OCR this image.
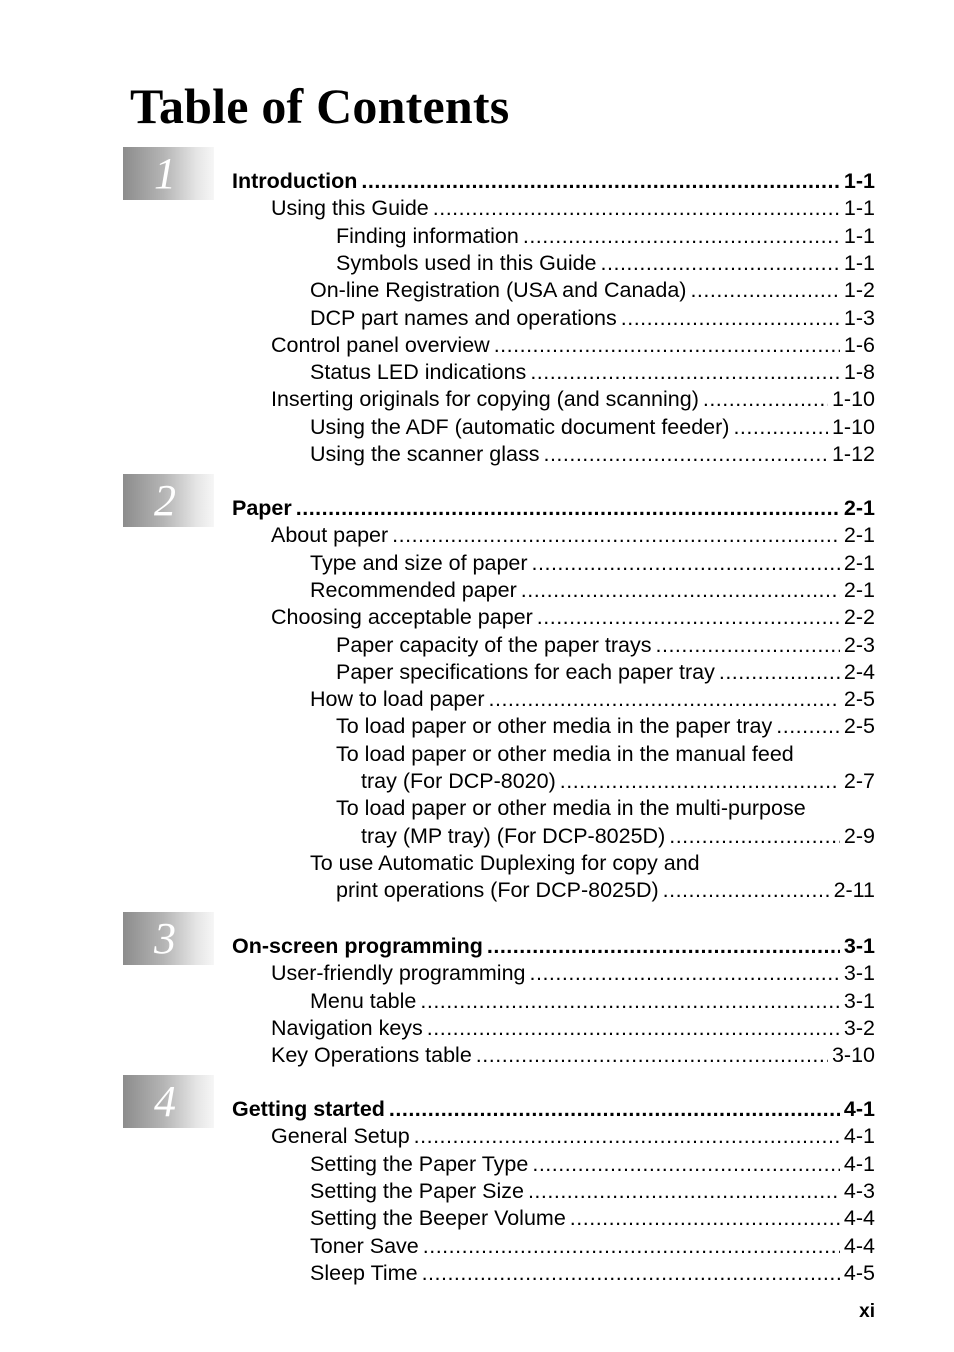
Table of Contents
1	Introduction .....	1-1
Using this Guide .....	1-1
Finding information .....	1-1
Symbols used in this Guide .....	1-1
On-line Registration (USA and Canada) .....	1-2
DCP part names and operations .....	1-3
Control panel overview .....	1-6
Status LED indications .....	1-8
Inserting originals for copying (and scanning) .....	1-10
Using the ADF (automatic document feeder) .....	1-10
Using the scanner glass .....	1-12
2	Paper .....	2-1
About paper .....	2-1
Type and size of paper .....	2-1
Recommended paper .....	2-1
Choosing acceptable paper .....	2-2
Paper capacity of the paper trays .....	2-3
Paper specifications for each paper tray .....	2-4
How to load paper .....	2-5
To load paper or other media in the paper tray .....	2-5
To load paper or other media in the manual feed
tray (For DCP-8020) .....	2-7
To load paper or other media in the multi-purpose
tray (MP tray) (For DCP-8025D) .....	2-9
To use Automatic Duplexing for copy and
print operations (For DCP-8025D) .....	2-11
3	On-screen programming .....	3-1
User-friendly programming .....	3-1
Menu table .....	3-1
Navigation keys .....	3-2
Key Operations table .....	3-10
4	Getting started .....	4-1
General Setup .....	4-1
Setting the Paper Type .....	4-1
Setting the Paper Size .....	4-3
Setting the Beeper Volume .....	4-4
Toner Save .....	4-4
Sleep Time .....	4-5
xi
